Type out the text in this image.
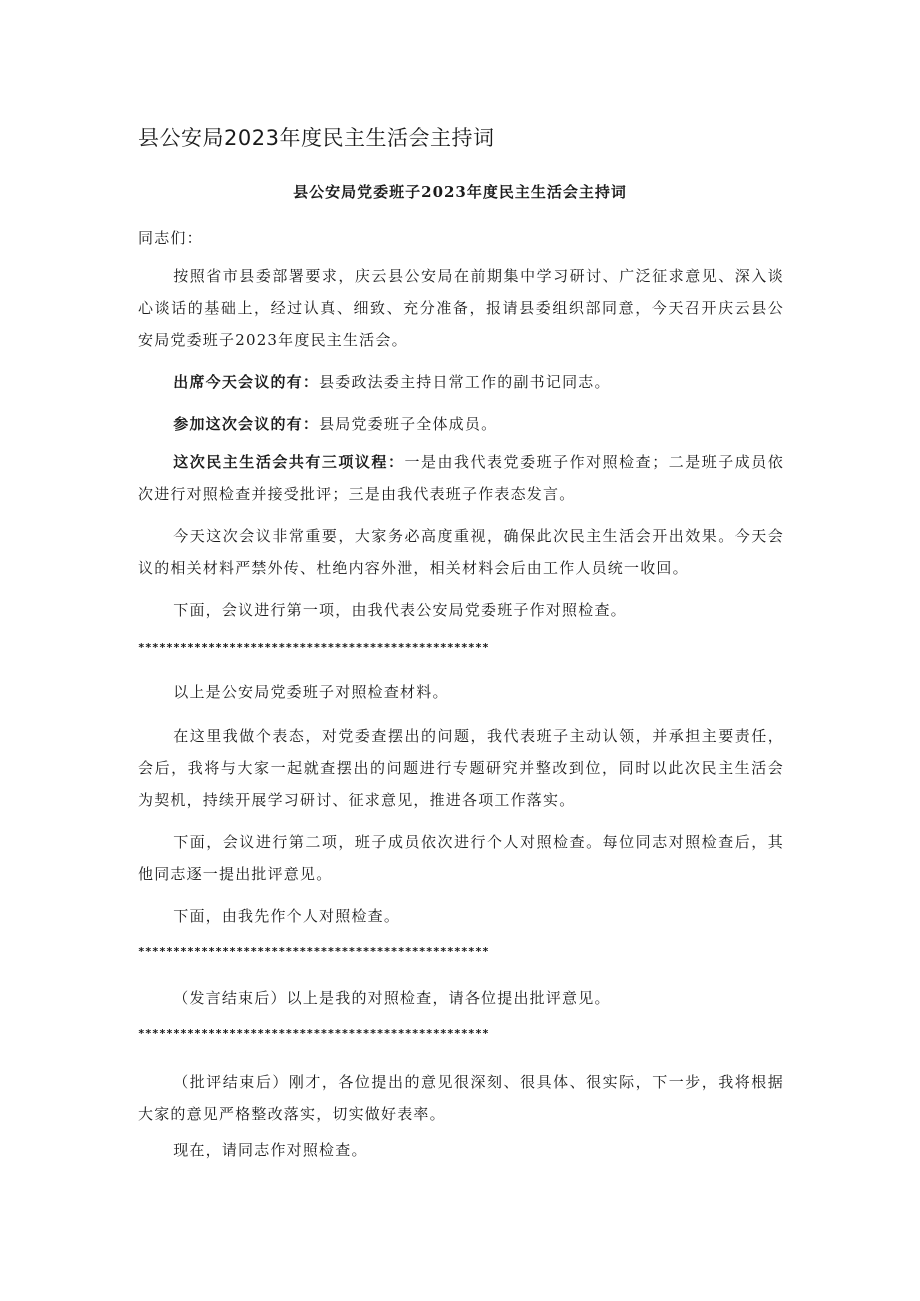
县公安局2023年度民主生活会主持词
县公安局党委班子2023年度民主生活会主持词

同志们：

按照省市县委部署要求，庆云县公安局在前期集中学习研讨、广泛征求意见、深入谈心谈话的基础上，经过认真、细致、充分准备，报请县委组织部同意，今天召开庆云县公安局党委班子2023年度民主生活会。

出席今天会议的有：县委政法委主持日常工作的副书记同志。

参加这次会议的有：县局党委班子全体成员。

这次民主生活会共有三项议程：一是由我代表党委班子作对照检查；二是班子成员依次进行对照检查并接受批评；三是由我代表班子作表态发言。

今天这次会议非常重要，大家务必高度重视，确保此次民主生活会开出效果。今天会议的相关材料严禁外传、杜绝内容外泄，相关材料会后由工作人员统一收回。

下面，会议进行第一项，由我代表公安局党委班子作对照检查。

**************************************************

以上是公安局党委班子对照检查材料。

在这里我做个表态，对党委查摆出的问题，我代表班子主动认领，并承担主要责任，会后，我将与大家一起就查摆出的问题进行专题研究并整改到位，同时以此次民主生活会为契机，持续开展学习研讨、征求意见，推进各项工作落实。

下面，会议进行第二项，班子成员依次进行个人对照检查。每位同志对照检查后，其他同志逐一提出批评意见。

下面，由我先作个人对照检查。

**************************************************

（发言结束后）以上是我的对照检查，请各位提出批评意见。

**************************************************

（批评结束后）刚才，各位提出的意见很深刻、很具体、很实际，下一步，我将根据大家的意见严格整改落实，切实做好表率。

现在，请同志作对照检查。
